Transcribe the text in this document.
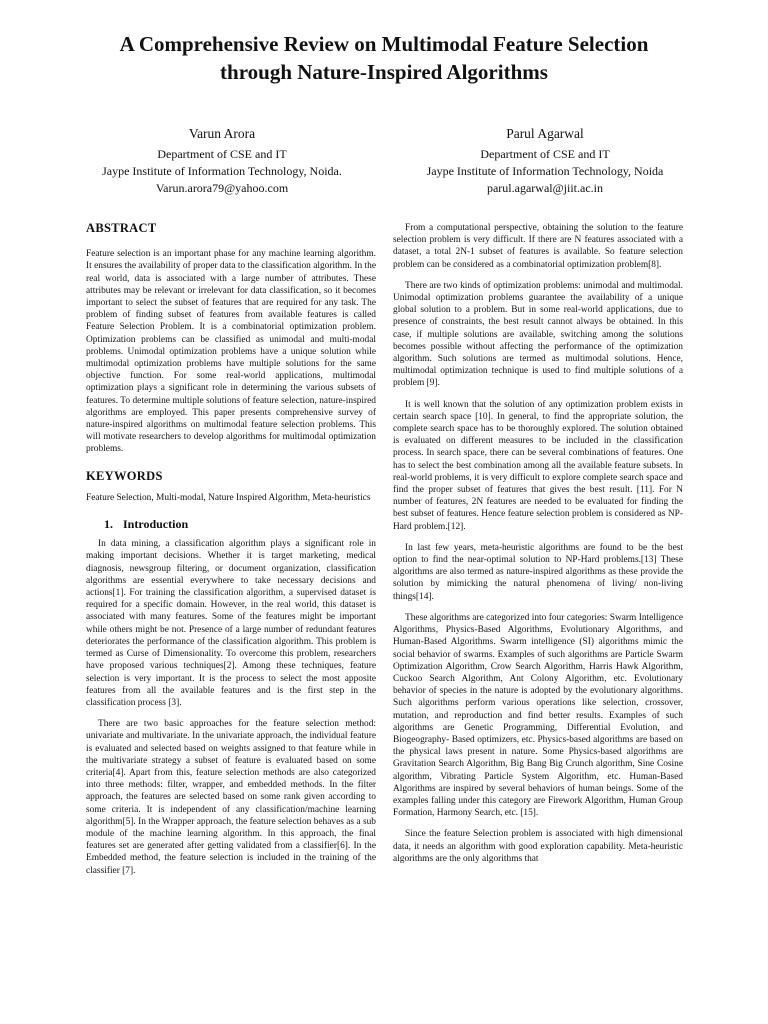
A Comprehensive Review on Multimodal Feature Selection
through Nature-Inspired Algorithms
Varun Arora
Department of CSE and IT
Jaype Institute of Information Technology, Noida.
Varun.arora79@yahoo.com
Parul Agarwal
Department of CSE and IT
Jaype Institute of Information Technology, Noida
parul.agarwal@jiit.ac.in
ABSTRACT

Feature selection is an important phase for any machine learning algorithm. It ensures the availability of proper data to the classification algorithm. In the real world, data is associated with a large number of attributes. These attributes may be relevant or irrelevant for data classification, so it becomes important to select the subset of features that are required for any task. The problem of finding subset of features from available features is called Feature Selection Problem. It is a combinatorial optimization problem. Optimization problems can be classified as unimodal and multi-modal problems. Unimodal optimization problems have a unique solution while multimodal optimization problems have multiple solutions for the same objective function. For some real-world applications, multimodal optimization plays a significant role in determining the various subsets of features. To determine multiple solutions of feature selection, nature-inspired algorithms are employed. This paper presents comprehensive survey of nature-inspired algorithms on multimodal feature selection problems. This will motivate researchers to develop algorithms for multimodal optimization problems.

KEYWORDS

Feature Selection, Multi-modal, Nature Inspired Algorithm, Meta-heuristics

1. Introduction

In data mining, a classification algorithm plays a significant role in making important decisions. Whether it is target marketing, medical diagnosis, newsgroup filtering, or document organization, classification algorithms are essential everywhere to take necessary decisions and actions[1]. For training the classification algorithm, a supervised dataset is required for a specific domain. However, in the real world, this dataset is associated with many features. Some of the features might be important while others might be not. Presence of a large number of redundant features deteriorates the performance of the classification algorithm. This problem is termed as Curse of Dimensionality. To overcome this problem, researchers have proposed various techniques[2]. Among these techniques, feature selection is very important. It is the process to select the most apposite features from all the available features and is the first step in the classification process [3].

There are two basic approaches for the feature selection method: univariate and multivariate. In the univariate approach, the individual feature is evaluated and selected based on weights assigned to that feature while in the multivariate strategy a subset of feature is evaluated based on some criteria[4]. Apart from this, feature selection methods are also categorized into three methods: filter, wrapper, and embedded methods. In the filter approach, the features are selected based on some rank given according to some criteria. It is independent of any classification/machine learning algorithm[5]. In the Wrapper approach, the feature selection behaves as a sub module of the machine learning algorithm. In this approach, the final features set are generated after getting validated from a classifier[6]. In the Embedded method, the feature selection is included in the training of the classifier [7].

From a computational perspective, obtaining the solution to the feature selection problem is very difficult. If there are N features associated with a dataset, a total 2N-1 subset of features is available. So feature selection problem can be considered as a combinatorial optimization problem[8].

There are two kinds of optimization problems: unimodal and multimodal. Unimodal optimization problems guarantee the availability of a unique global solution to a problem. But in some real-world applications, due to presence of constraints, the best result cannot always be obtained. In this case, if multiple solutions are available, switching among the solutions becomes possible without affecting the performance of the optimization algorithm. Such solutions are termed as multimodal solutions. Hence, multimodal optimization technique is used to find multiple solutions of a problem [9].

It is well known that the solution of any optimization problem exists in certain search space [10]. In general, to find the appropriate solution, the complete search space has to be thoroughly explored. The solution obtained is evaluated on different measures to be included in the classification process. In search space, there can be several combinations of features. One has to select the best combination among all the available feature subsets. In real-world problems, it is very difficult to explore complete search space and find the proper subset of features that gives the best result. [11]. For N number of features, 2N features are needed to be evaluated for finding the best subset of features. Hence feature selection problem is considered as NP-Hard problem.[12].

In last few years, meta-heuristic algorithms are found to be the best option to find the near-optimal solution to NP-Hard problems.[13] These algorithms are also termed as nature-inspired algorithms as these provide the solution by mimicking the natural phenomena of living/ non-living things[14].

These algorithms are categorized into four categories: Swarm Intelligence Algorithms, Physics-Based Algorithms, Evolutionary Algorithms, and Human-Based Algorithms. Swarm intelligence (SI) algorithms mimic the social behavior of swarms. Examples of such algorithms are Particle Swarm Optimization Algorithm, Crow Search Algorithm, Harris Hawk Algorithm, Cuckoo Search Algorithm, Ant Colony Algorithm, etc. Evolutionary behavior of species in the nature is adopted by the evolutionary algorithms. Such algorithms perform various operations like selection, crossover, mutation, and reproduction and find better results. Examples of such algorithms are Genetic Programming, Differential Evolution, and Biogeography- Based optimizers, etc. Physics-based algorithms are based on the physical laws present in nature. Some Physics-based algorithms are Gravitation Search Algorithm, Big Bang Big Crunch algorithm, Sine Cosine algorithm, Vibrating Particle System Algorithm, etc. Human-Based Algorithms are inspired by several behaviors of human beings. Some of the examples falling under this category are Firework Algorithm, Human Group Formation, Harmony Search, etc. [15].

Since the feature Selection problem is associated with high dimensional data, it needs an algorithm with good exploration capability. Meta-heuristic algorithms are the only algorithms that
